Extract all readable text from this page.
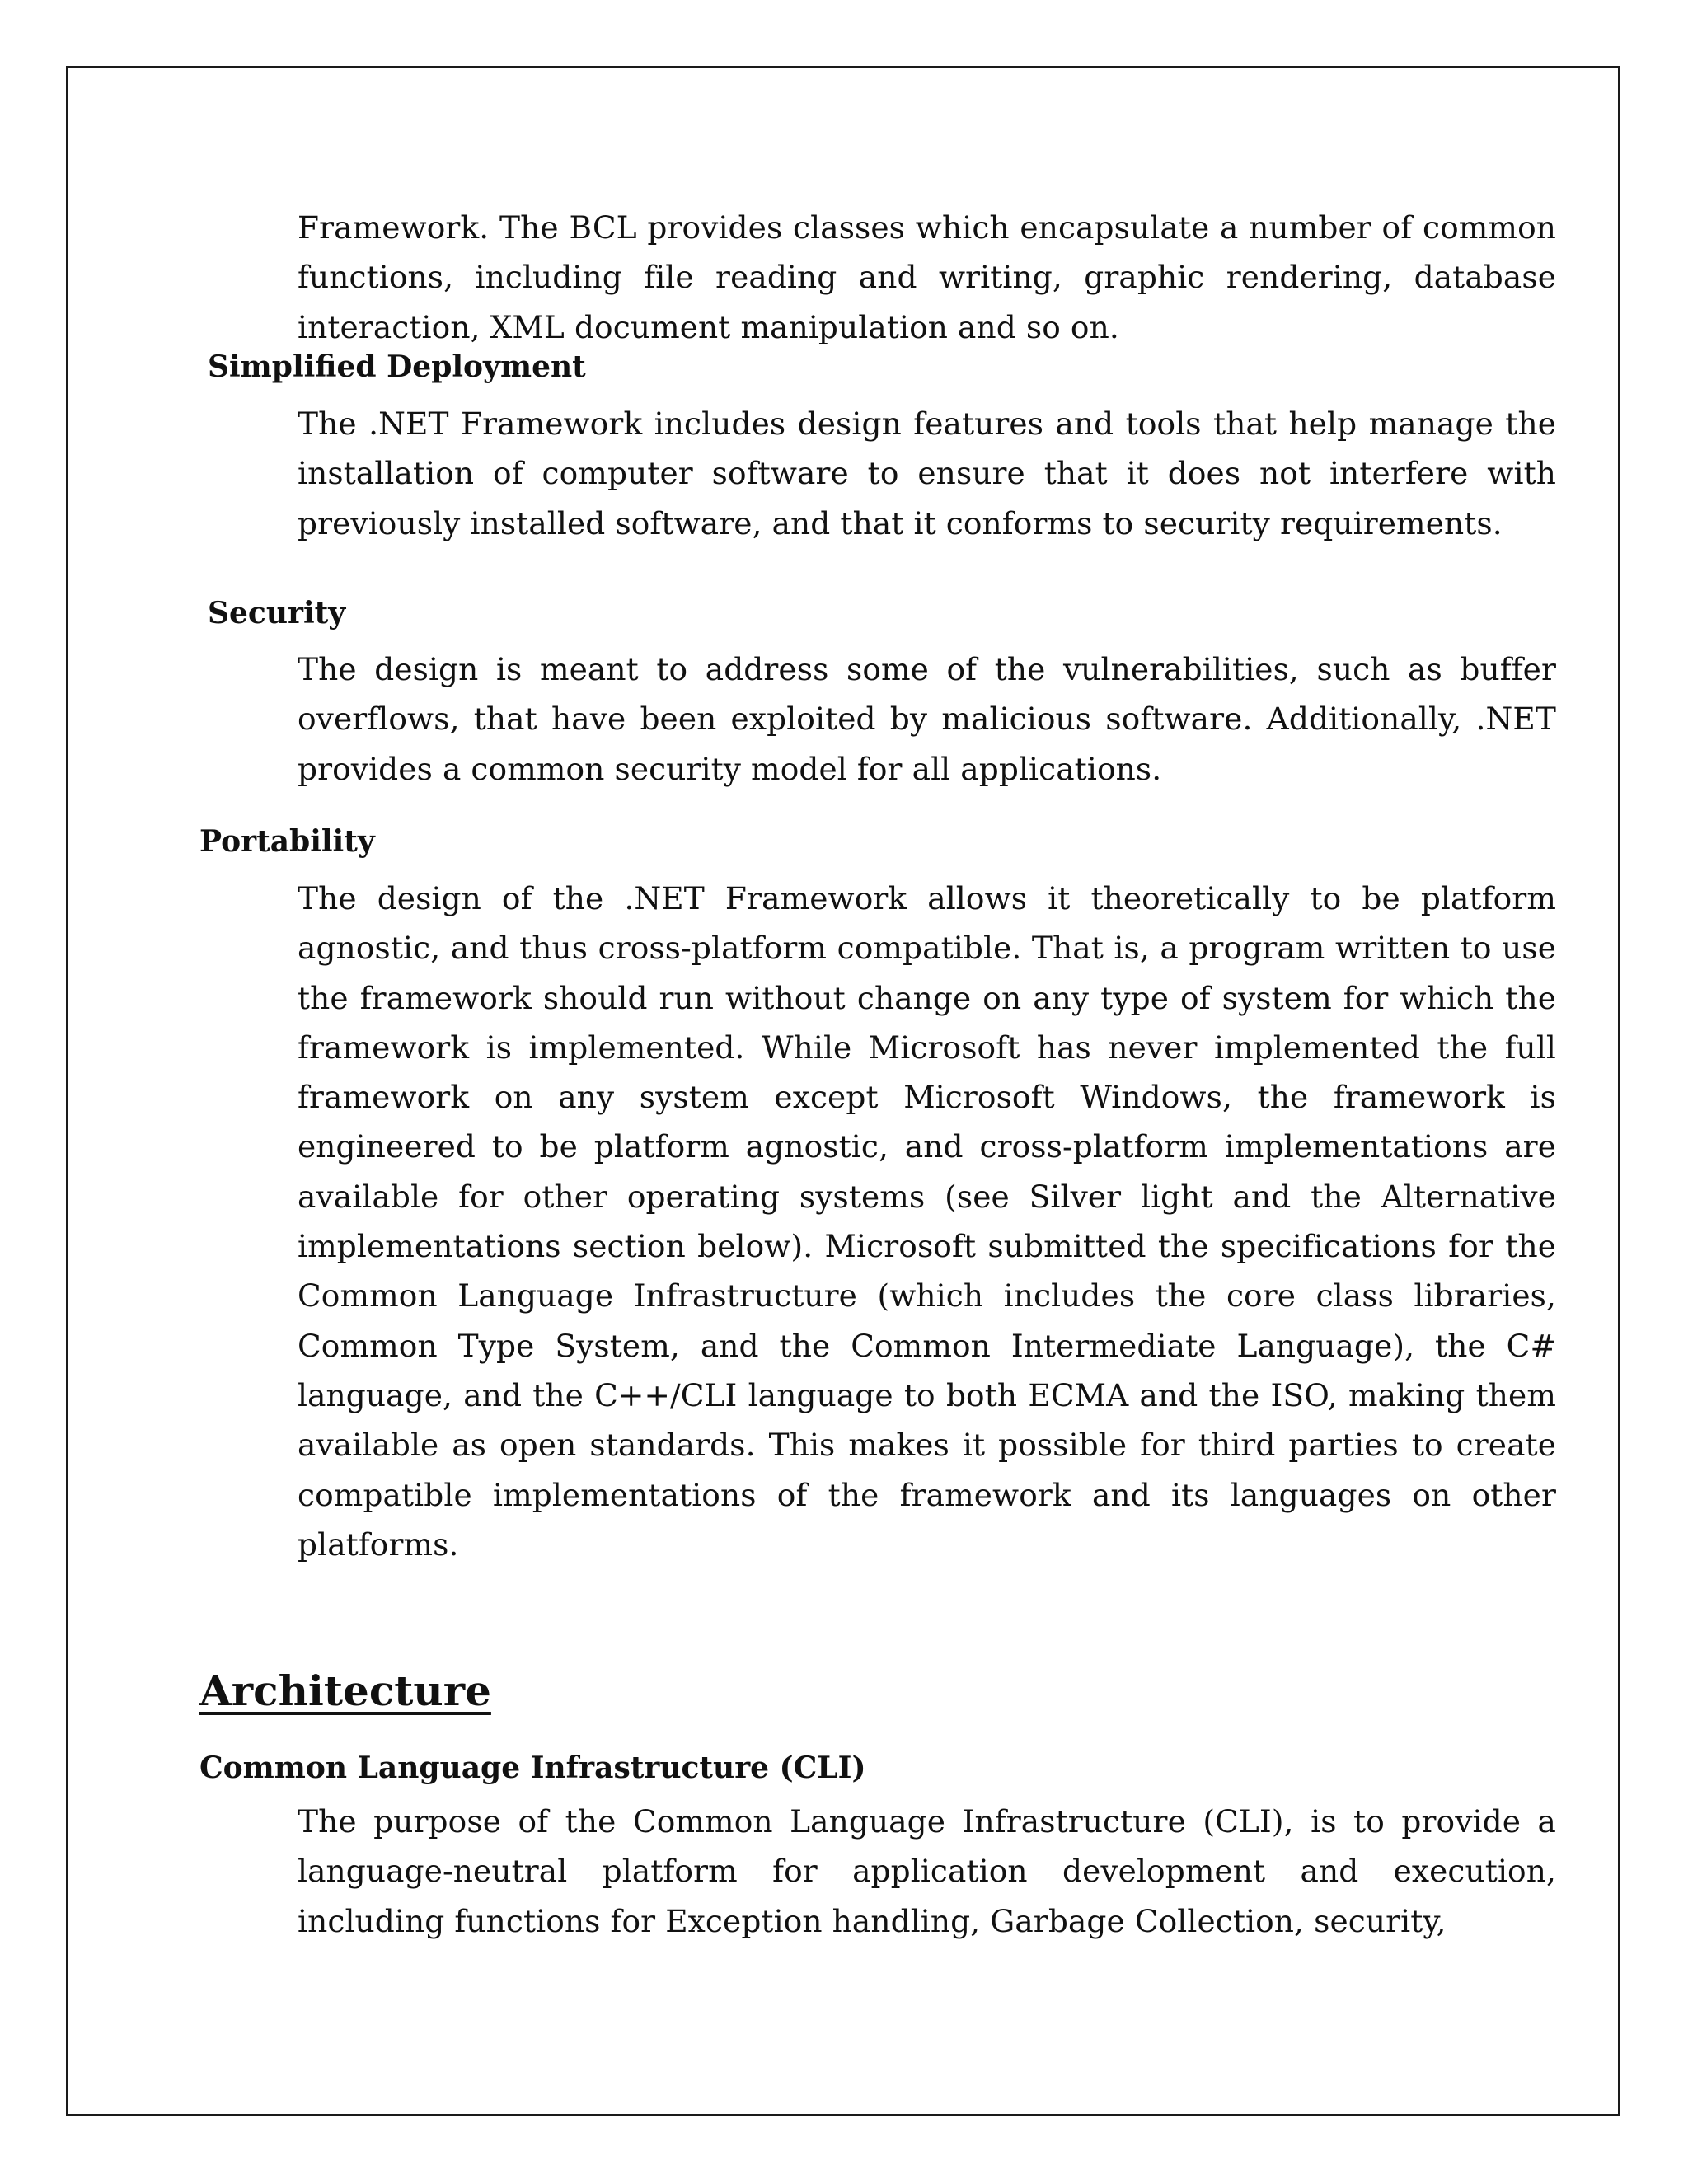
Framework. The BCL provides classes which encapsulate a number of common functions, including file reading and writing, graphic rendering, database interaction, XML document manipulation and so on.

Simplified Deployment

The .NET Framework includes design features and tools that help manage the installation of computer software to ensure that it does not interfere with previously installed software, and that it conforms to security requirements.

Security

The design is meant to address some of the vulnerabilities, such as buffer overflows, that have been exploited by malicious software. Additionally, .NET provides a common security model for all applications.

Portability

The design of the .NET Framework allows it theoretically to be platform agnostic, and thus cross-platform compatible. That is, a program written to use the framework should run without change on any type of system for which the framework is implemented. While Microsoft has never implemented the full framework on any system except Microsoft Windows, the framework is engineered to be platform agnostic, and cross-platform implementations are available for other operating systems (see Silver light and the Alternative implementations section below). Microsoft submitted the specifications for the Common Language Infrastructure (which includes the core class libraries, Common Type System, and the Common Intermediate Language), the C# language, and the C++/CLI language to both ECMA and the ISO, making them available as open standards. This makes it possible for third parties to create compatible implementations of the framework and its languages on other platforms.

Architecture
Common Language Infrastructure (CLI)

The purpose of the Common Language Infrastructure (CLI), is to provide a language-neutral platform for application development and execution, including functions for Exception handling, Garbage Collection, security,
